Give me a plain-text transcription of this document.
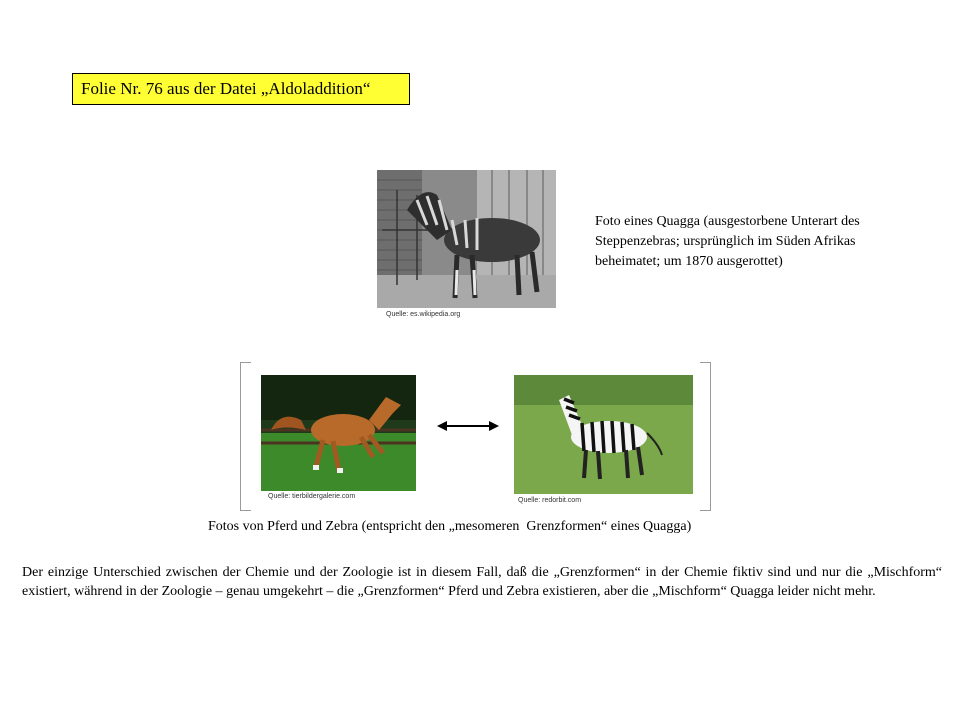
Folie Nr. 76 aus der Datei „Aldoladdition“
Quelle: es.wikipedia.org
Foto eines Quagga (ausgestorbene Unterart des Steppenzebras; ursprünglich im Süden Afrikas beheimatet; um 1870 ausgerottet)
Quelle: tierbildergalerie.com
Quelle: redorbit.com
Fotos von Pferd und Zebra (entspricht den „mesomeren  Grenzformen“ eines Quagga)
Der einzige Unterschied zwischen der Chemie und der Zoologie ist in diesem Fall, daß die „Grenzformen“ in der Chemie fiktiv sind und nur die „Mischform“ existiert, während in der Zoologie – genau umgekehrt – die „Grenzformen“ Pferd und Zebra existieren, aber die „Mischform“ Quagga leider nicht mehr.
